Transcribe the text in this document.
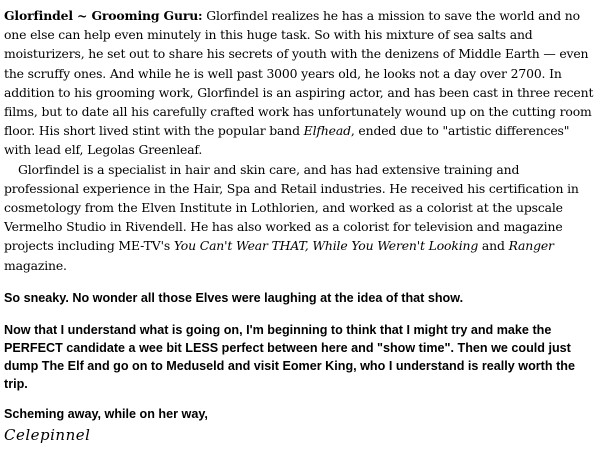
Glorfindel ~ Grooming Guru: Glorfindel realizes he has a mission to save the world and no one else can help even minutely in this huge task. So with his mixture of sea salts and moisturizers, he set out to share his secrets of youth with the denizens of Middle Earth — even the scruffy ones. And while he is well past 3000 years old, he looks not a day over 2700. In addition to his grooming work, Glorfindel is an aspiring actor, and has been cast in three recent films, but to date all his carefully crafted work has unfortunately wound up on the cutting room floor. His short lived stint with the popular band Elfhead, ended due to "artistic differences" with lead elf, Legolas Greenleaf.

Glorfindel is a specialist in hair and skin care, and has had extensive training and professional experience in the Hair, Spa and Retail industries. He received his certification in cosmetology from the Elven Institute in Lothlorien, and worked as a colorist at the upscale Vermelho Studio in Rivendell. He has also worked as a colorist for television and magazine projects including ME-TV's You Can't Wear THAT, While You Weren't Looking and Ranger magazine.

So sneaky. No wonder all those Elves were laughing at the idea of that show.

Now that I understand what is going on, I'm beginning to think that I might try and make the PERFECT candidate a wee bit LESS perfect between here and "show time". Then we could just dump The Elf and go on to Meduseld and visit Eomer King, who I understand is really worth the trip.

Scheming away, while on her way,

Celepinnel
